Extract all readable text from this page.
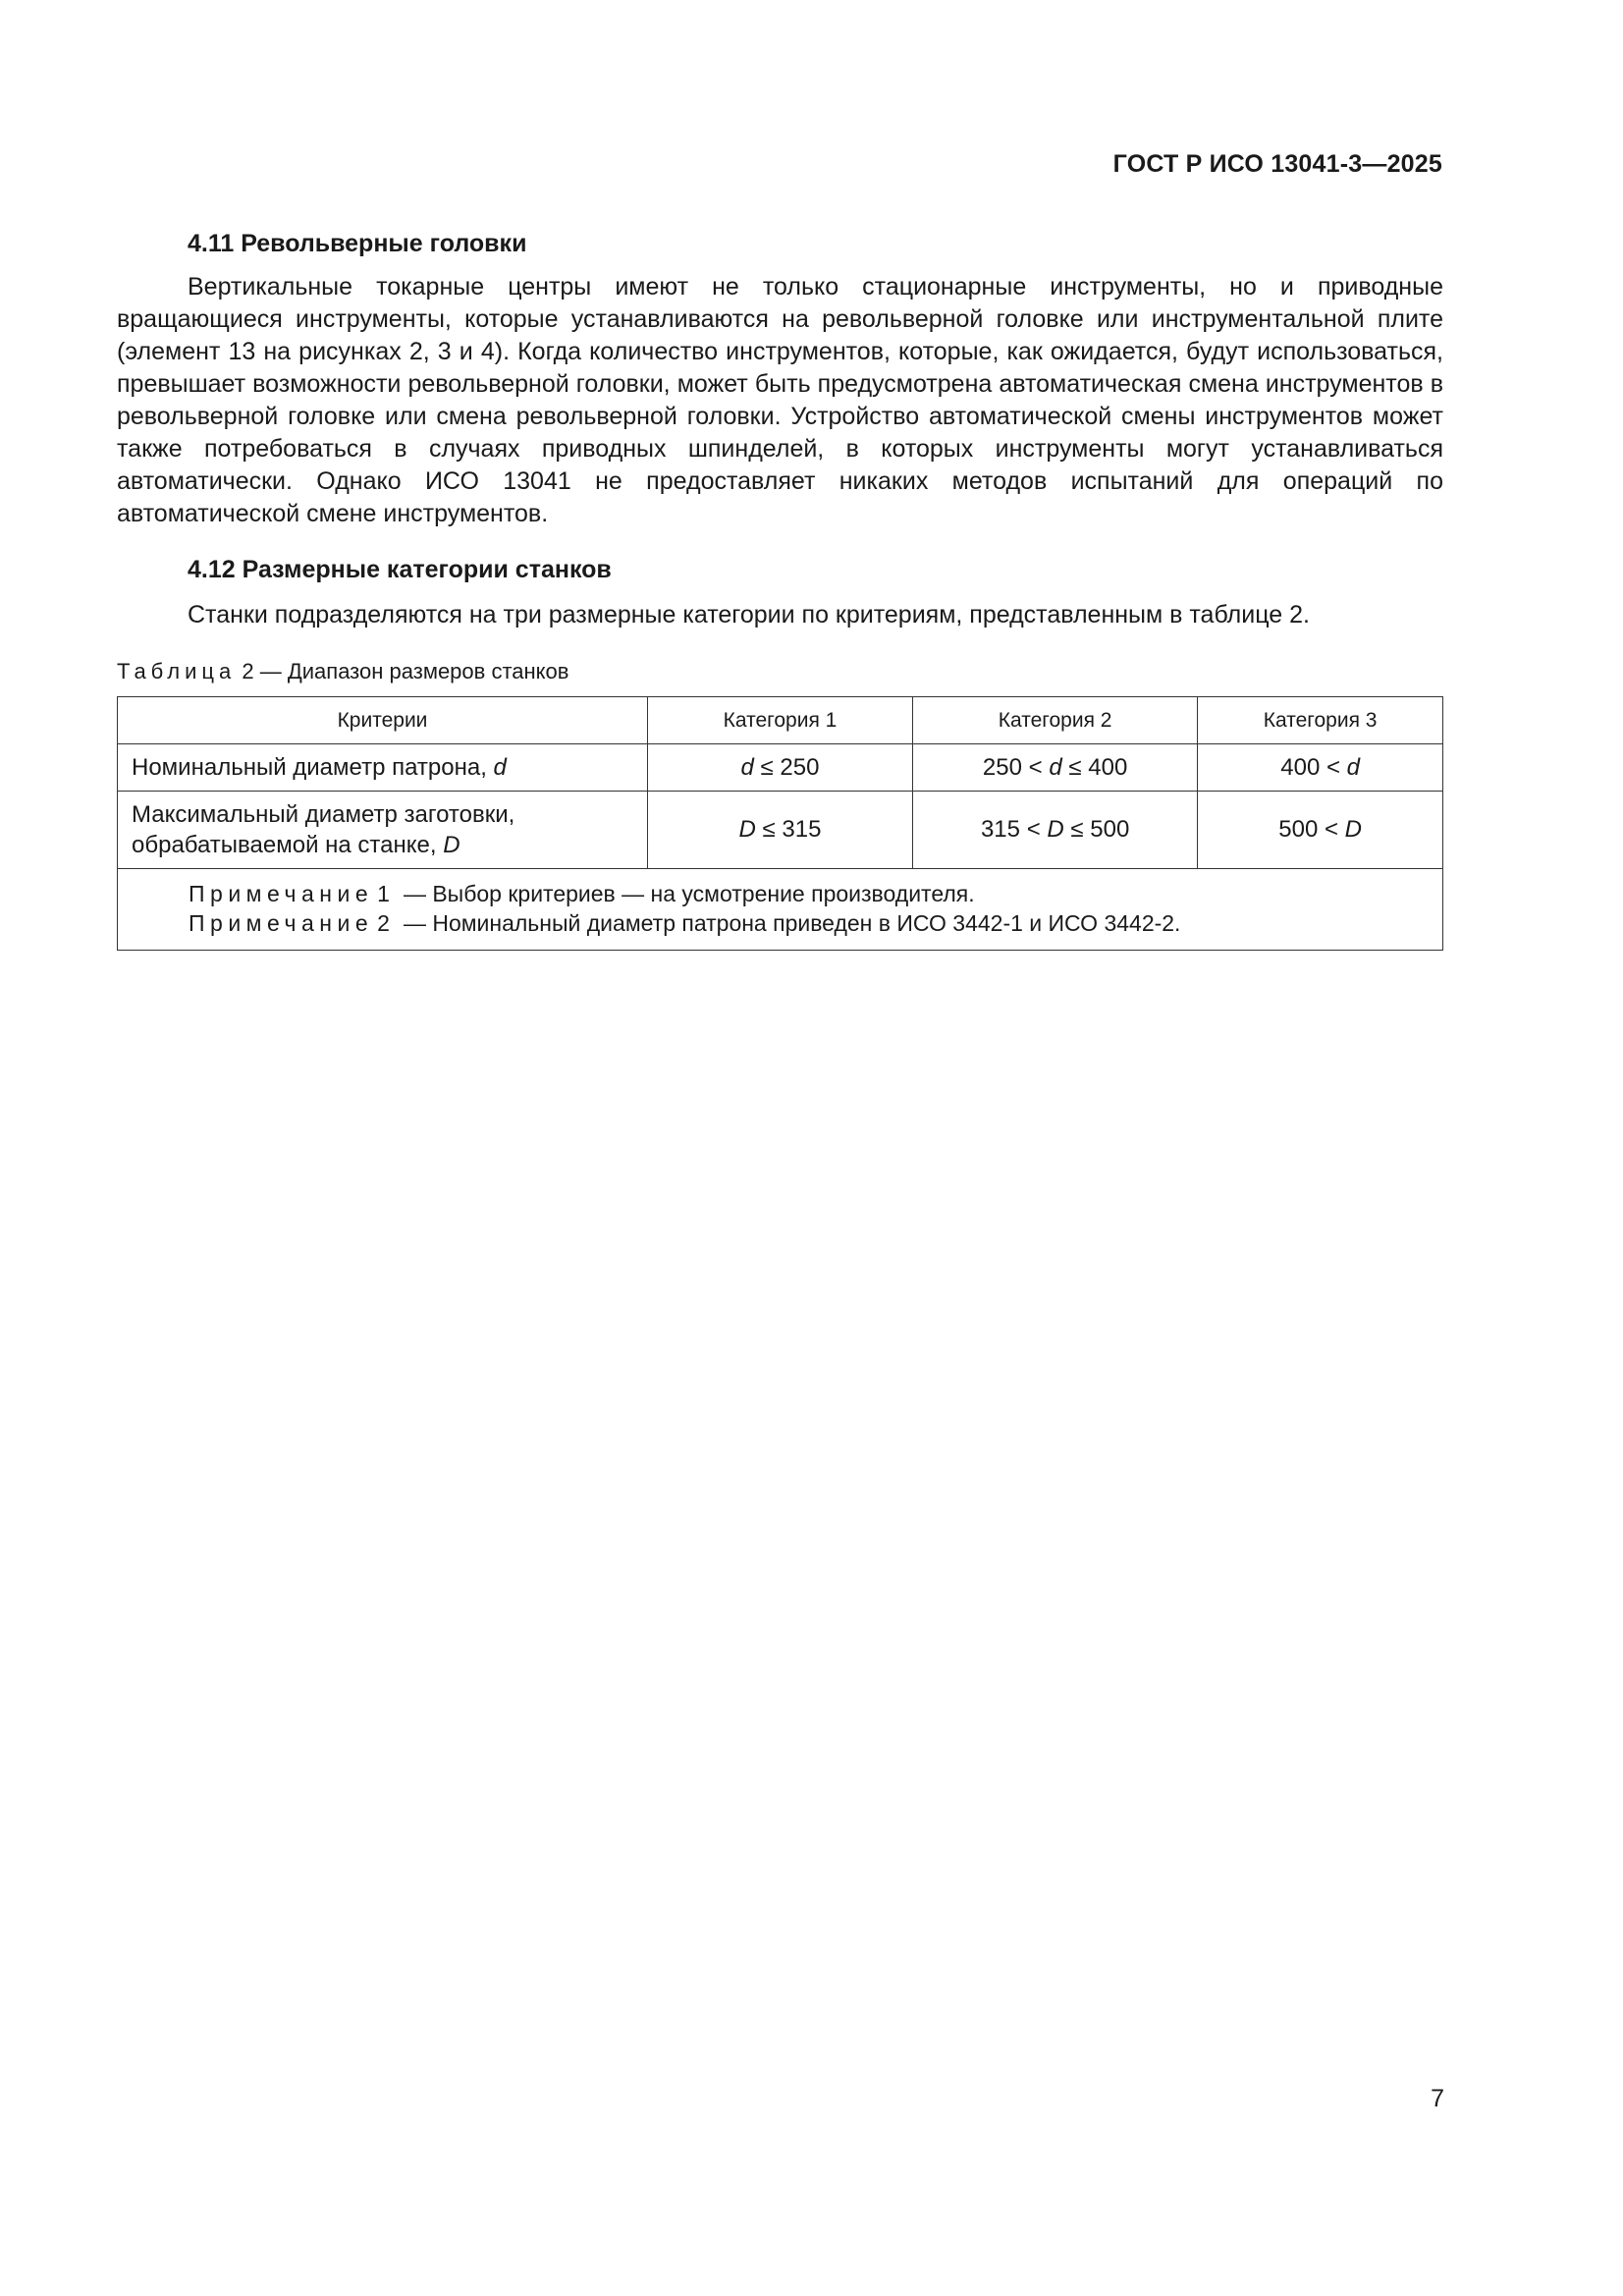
ГОСТ Р ИСО 13041-3—2025
4.11 Револьверные головки

Вертикальные токарные центры имеют не только стационарные инструменты, но и приводные вращающиеся инструменты, которые устанавливаются на револьверной головке или инструментальной плите (элемент 13 на рисунках 2, 3 и 4). Когда количество инструментов, которые, как ожидается, будут использоваться, превышает возможности револьверной головки, может быть предусмотрена автоматическая смена инструментов в револьверной головке или смена револьверной головки. Устройство автоматической смены инструментов может также потребоваться в случаях приводных шпинделей, в которых инструменты могут устанавливаться автоматически. Однако ИСО 13041 не предоставляет никаких методов испытаний для операций по автоматической смене инструментов.

4.12 Размерные категории станков

Станки подразделяются на три размерные категории по критериям, представленным в таблице 2.

Таблица 2 — Диапазон размеров станков
Критерии	Категория 1	Категория 2	Категория 3
Номинальный диаметр патрона, d	d ≤ 250	250 < d ≤ 400	400 < d
Максимальный диаметр заготовки,
обрабатываемой на станке, D	D ≤ 315	315 < D ≤ 500	500 < D

Примечание 1 — Выбор критериев — на усмотрение производителя.
Примечание 2 — Номинальный диаметр патрона приведен в ИСО 3442-1 и ИСО 3442-2.			
7
